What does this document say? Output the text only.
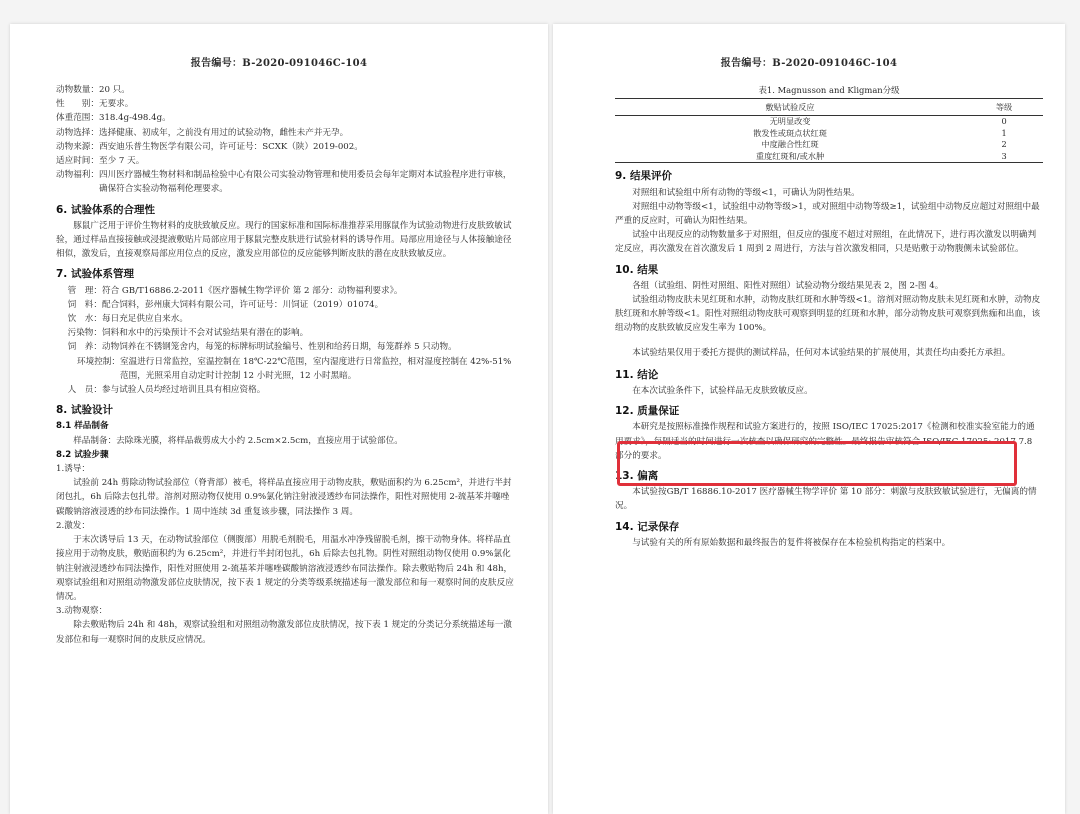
报告编号：B-2020-091046C-104
动物数量： 20 只。
性　　别： 无要求。
体重范围： 318.4g-498.4g。
动物选择： 选择健康、初成年，之前没有用过的试验动物，雌性未产并无孕。
动物来源： 西安迪乐普生物医学有限公司，许可证号：SCXK（陕）2019-002。
适应时间： 至少 7 天。
动物福利： 四川医疗器械生物材料和制品检验中心有限公司实验动物管理和使用委员会每年定期对本试验程序进行审核，确保符合实验动物福利伦理要求。
6. 试验体系的合理性
豚鼠广泛用于评价生物材料的皮肤致敏反应。现行的国家标准和国际标准推荐采用豚鼠作为试验动物进行皮肤致敏试验，通过样品直接接触或浸提液敷贴片局部应用于豚鼠完整皮肤进行试验材料的诱导作用。局部应用途径与人体接触途径相似，激发后，直接观察局部应用位点的反应，激发应用部位的反应能够判断皮肤的潜在皮肤致敏反应。
7. 试验体系管理
管　理： 符合 GB/T16886.2-2011《医疗器械生物学评价 第 2 部分：动物福利要求》。
饲　料： 配合饲料，彭州康大饲料有限公司，许可证号：川饲证（2019）01074。
饮　水： 每日充足供应自来水。
污染物： 饲料和水中的污染预计不会对试验结果有潜在的影响。
饲　养： 动物饲养在不锈钢笼舍内，每笼的标牌标明试验编号、性别和给药日期，每笼群养 5 只动物。
环境控制： 室温进行日常监控，室温控制在 18℃-22℃范围，室内湿度进行日常监控，相对湿度控制在 42%-51%范围，光照采用自动定时计控制 12 小时光照，12 小时黑暗。
人　员： 参与试验人员均经过培训且具有相应资格。
8. 试验设计
8.1 样品制备
样品制备：去除珠光膜，将样品裁剪成大小约 2.5cm×2.5cm，直接应用于试验部位。
8.2 试验步骤
1.诱导：
试验前 24h 剪除动物试验部位（脊背部）被毛，将样品直接应用于动物皮肤，敷贴面积约为 6.25cm²，并进行半封闭包扎，6h 后除去包扎带。溶剂对照动物仅使用 0.9%氯化钠注射液浸透纱布同法操作，阳性对照使用 2-巯基苯并噻唑碳酸钠溶液浸透的纱布同法操作。1 周中连续 3d 重复该步骤，同法操作 3 周。
2.激发：
于末次诱导后 13 天，在动物试验部位（侧腹部）用脱毛剂脱毛，用温水冲净残留脱毛剂，擦干动物身体。将样品直接应用于动物皮肤，敷贴面积约为 6.25cm²，并进行半封闭包扎，6h 后除去包扎物。阴性对照组动物仅使用 0.9%氯化钠注射液浸透纱布同法操作，阳性对照使用 2-巯基苯并噻唑碳酸钠溶液浸透纱布同法操作。除去敷贴物后 24h 和 48h，观察试验组和对照组动物激发部位皮肤情况，按下表 1 规定的分类等级系统描述每一激发部位和每一观察时间的皮肤反应情况。
3.动物观察：
除去敷贴物后 24h 和 48h，观察试验组和对照组动物激发部位皮肤情况，按下表 1 规定的分类记分系统描述每一激发部位和每一观察时间的皮肤反应情况。
报告编号：B-2020-091046C-104
表1. Magnusson and Kligman分级
敷贴试验反应	等级
无明显改变	0
散发性或斑点状红斑	1
中度融合性红斑	2
重度红斑和/或水肿	3
9. 结果评价
对照组和试验组中所有动物的等级<1，可确认为阴性结果。
对照组中动物等级<1，试验组中动物等级>1，或对照组中动物等级≥1，试验组中动物反应超过对照组中最严重的反应时，可确认为阳性结果。
试验中出现反应的动物数量多于对照组，但反应的强度不超过对照组，在此情况下，进行再次激发以明确判定反应，再次激发在首次激发后 1 周到 2 周进行，方法与首次激发相同，只是贴敷于动物腹侧未试验部位。
10. 结果
各组（试验组、阴性对照组、阳性对照组）试验动物分级结果见表 2，图 2-图 4。
试验组动物皮肤未见红斑和水肿，动物皮肤红斑和水肿等级<1。溶剂对照动物皮肤未见红斑和水肿，动物皮肤红斑和水肿等级<1。阳性对照组动物皮肤可观察到明显的红斑和水肿，部分动物皮肤可观察到焦痂和出血，该组动物的皮肤致敏反应发生率为 100%。
本试验结果仅用于委托方提供的测试样品，任何对本试验结果的扩展使用，其责任均由委托方承担。
11. 结论
在本次试验条件下，试验样品无皮肤致敏反应。
12. 质量保证
本研究是按照标准操作规程和试验方案进行的，按照 ISO/IEC 17025:2017《检测和校准实验室能力的通用要求》，每隔适当的时间进行一次核查以确保研究的完整性。最终报告审核符合 ISO/IEC 17025: 2017 7.8 部分的要求。
13. 偏离
本试验按GB/T 16886.10-2017 医疗器械生物学评价 第 10 部分：刺激与皮肤致敏试验进行，无偏离的情况。
14. 记录保存
与试验有关的所有原始数据和最终报告的复件将被保存在本检验机构指定的档案中。
